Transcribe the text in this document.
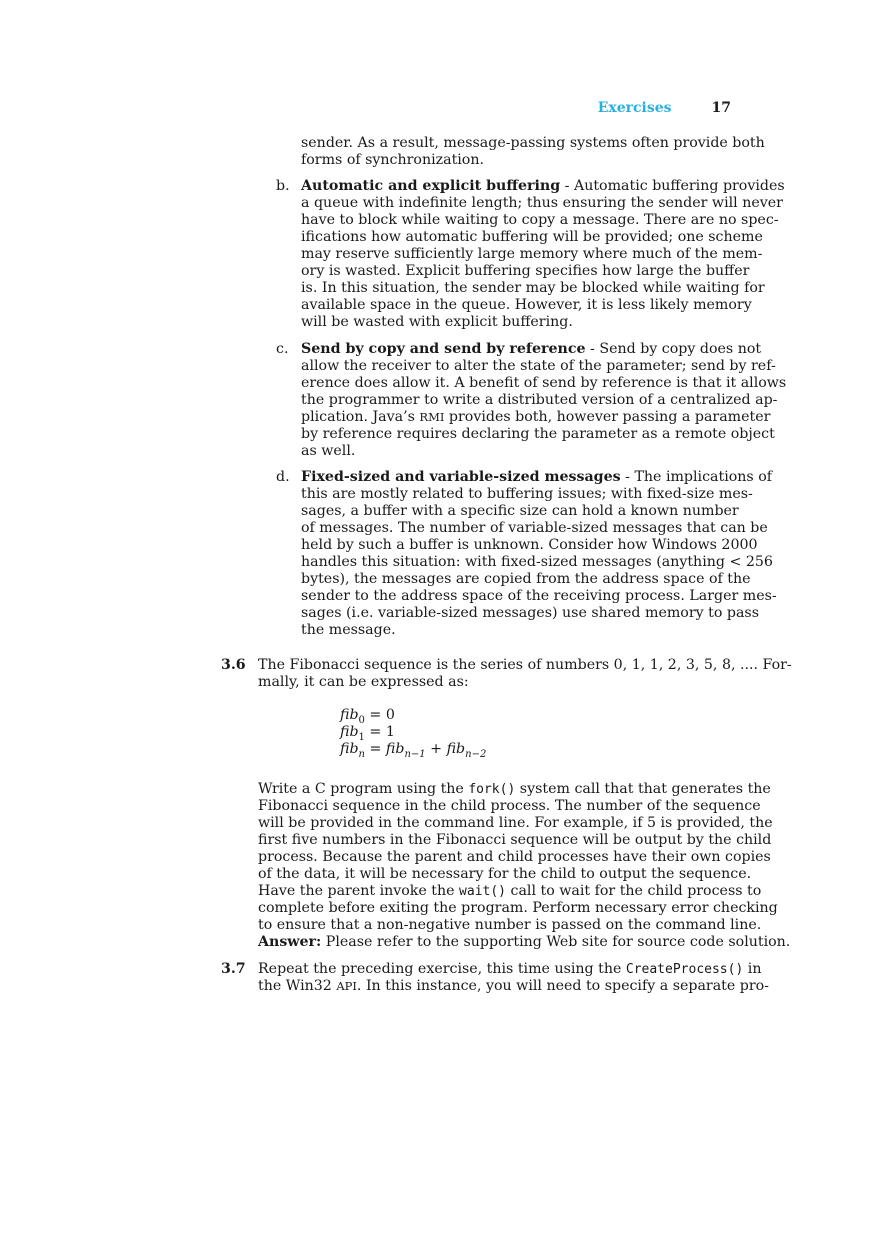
Exercises	17
sender. As a result, message-passing systems often provide both
forms of synchronization.
b. Automatic and explicit buffering - Automatic buffering provides
a queue with indefinite length; thus ensuring the sender will never
have to block while waiting to copy a message. There are no spec-
ifications how automatic buffering will be provided; one scheme
may reserve sufficiently large memory where much of the mem-
ory is wasted. Explicit buffering specifies how large the buffer
is. In this situation, the sender may be blocked while waiting for
available space in the queue. However, it is less likely memory
will be wasted with explicit buffering.
c. Send by copy and send by reference - Send by copy does not
allow the receiver to alter the state of the parameter; send by ref-
erence does allow it. A benefit of send by reference is that it allows
the programmer to write a distributed version of a centralized ap-
plication. Java’s RMI provides both, however passing a parameter
by reference requires declaring the parameter as a remote object
as well.
d. Fixed-sized and variable-sized messages - The implications of
this are mostly related to buffering issues; with fixed-size mes-
sages, a buffer with a specific size can hold a known number
of messages. The number of variable-sized messages that can be
held by such a buffer is unknown. Consider how Windows 2000
handles this situation: with fixed-sized messages (anything < 256
bytes), the messages are copied from the address space of the
sender to the address space of the receiving process. Larger mes-
sages (i.e. variable-sized messages) use shared memory to pass
the message.
3.6 The Fibonacci sequence is the series of numbers 0, 1, 1, 2, 3, 5, 8, .... For-
mally, it can be expressed as:
fib$_0$ = 0
fib$_1$ = 1
fib$_n$ = fib$_{n-1}$ + fib$_{n-2}$
Write a C program using the fork() system call that that generates the
Fibonacci sequence in the child process. The number of the sequence
will be provided in the command line. For example, if 5 is provided, the
first five numbers in the Fibonacci sequence will be output by the child
process. Because the parent and child processes have their own copies
of the data, it will be necessary for the child to output the sequence.
Have the parent invoke the wait() call to wait for the child process to
complete before exiting the program. Perform necessary error checking
to ensure that a non-negative number is passed on the command line.
Answer: Please refer to the supporting Web site for source code solution.
3.7 Repeat the preceding exercise, this time using the CreateProcess() in
the Win32 API. In this instance, you will need to specify a separate pro-
